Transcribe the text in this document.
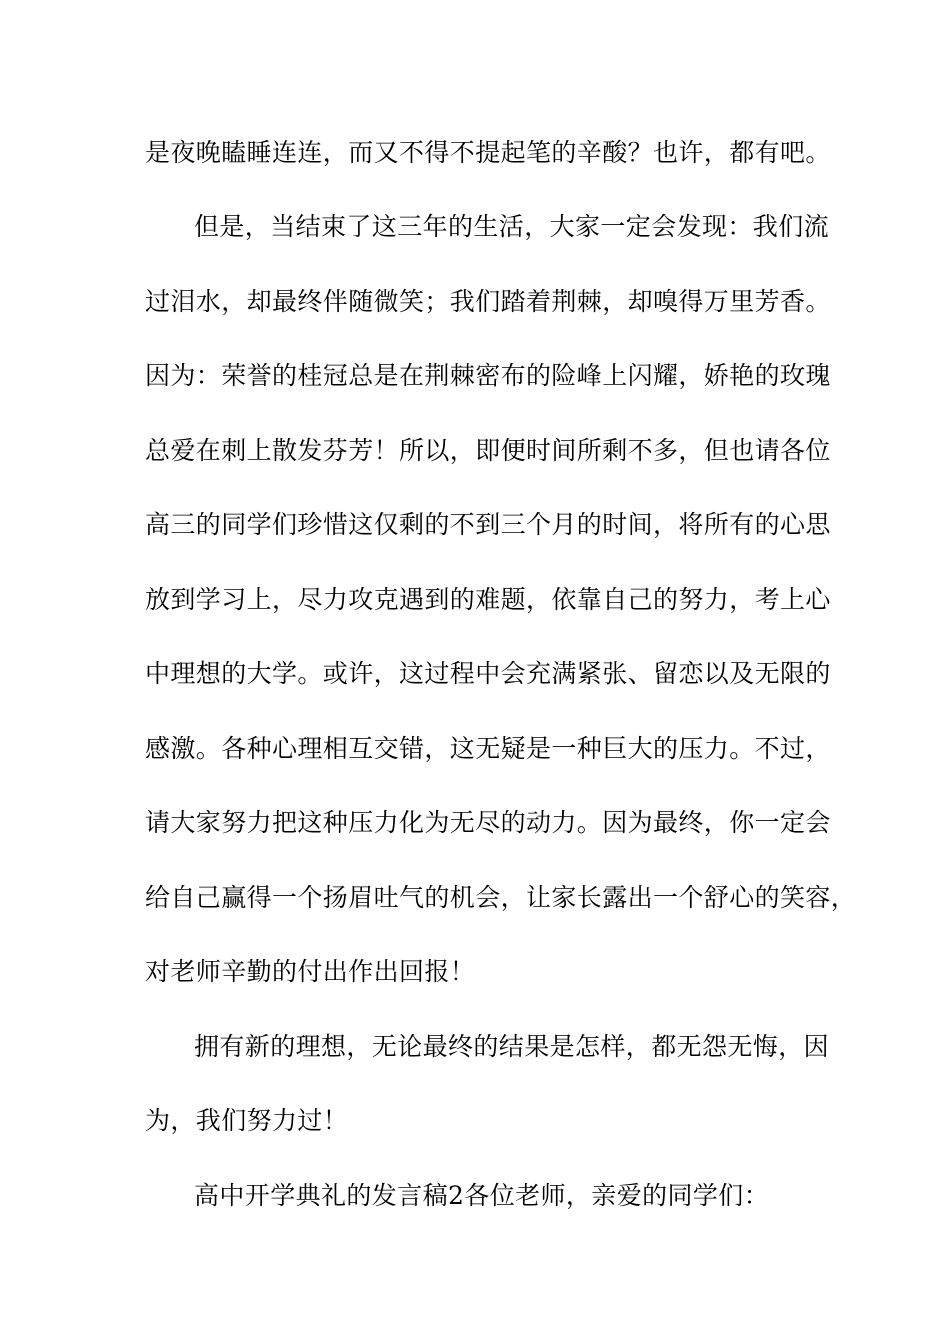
是夜晚瞌睡连连，而又不得不提起笔的辛酸？也许，都有吧。
但是，当结束了这三年的生活，大家一定会发现：我们流
过泪水，却最终伴随微笑；我们踏着荆棘，却嗅得万里芳香。
因为：荣誉的桂冠总是在荆棘密布的险峰上闪耀，娇艳的玫瑰
总爱在刺上散发芬芳！所以，即便时间所剩不多，但也请各位
高三的同学们珍惜这仅剩的不到三个月的时间，将所有的心思
放到学习上，尽力攻克遇到的难题，依靠自己的努力，考上心
中理想的大学。或许，这过程中会充满紧张、留恋以及无限的
感激。各种心理相互交错，这无疑是一种巨大的压力。不过，
请大家努力把这种压力化为无尽的动力。因为最终，你一定会
给自己赢得一个扬眉吐气的机会，让家长露出一个舒心的笑容，
对老师辛勤的付出作出回报！
拥有新的理想，无论最终的结果是怎样，都无怨无悔，因
为，我们努力过！
高中开学典礼的发言稿2各位老师，亲爱的同学们：
